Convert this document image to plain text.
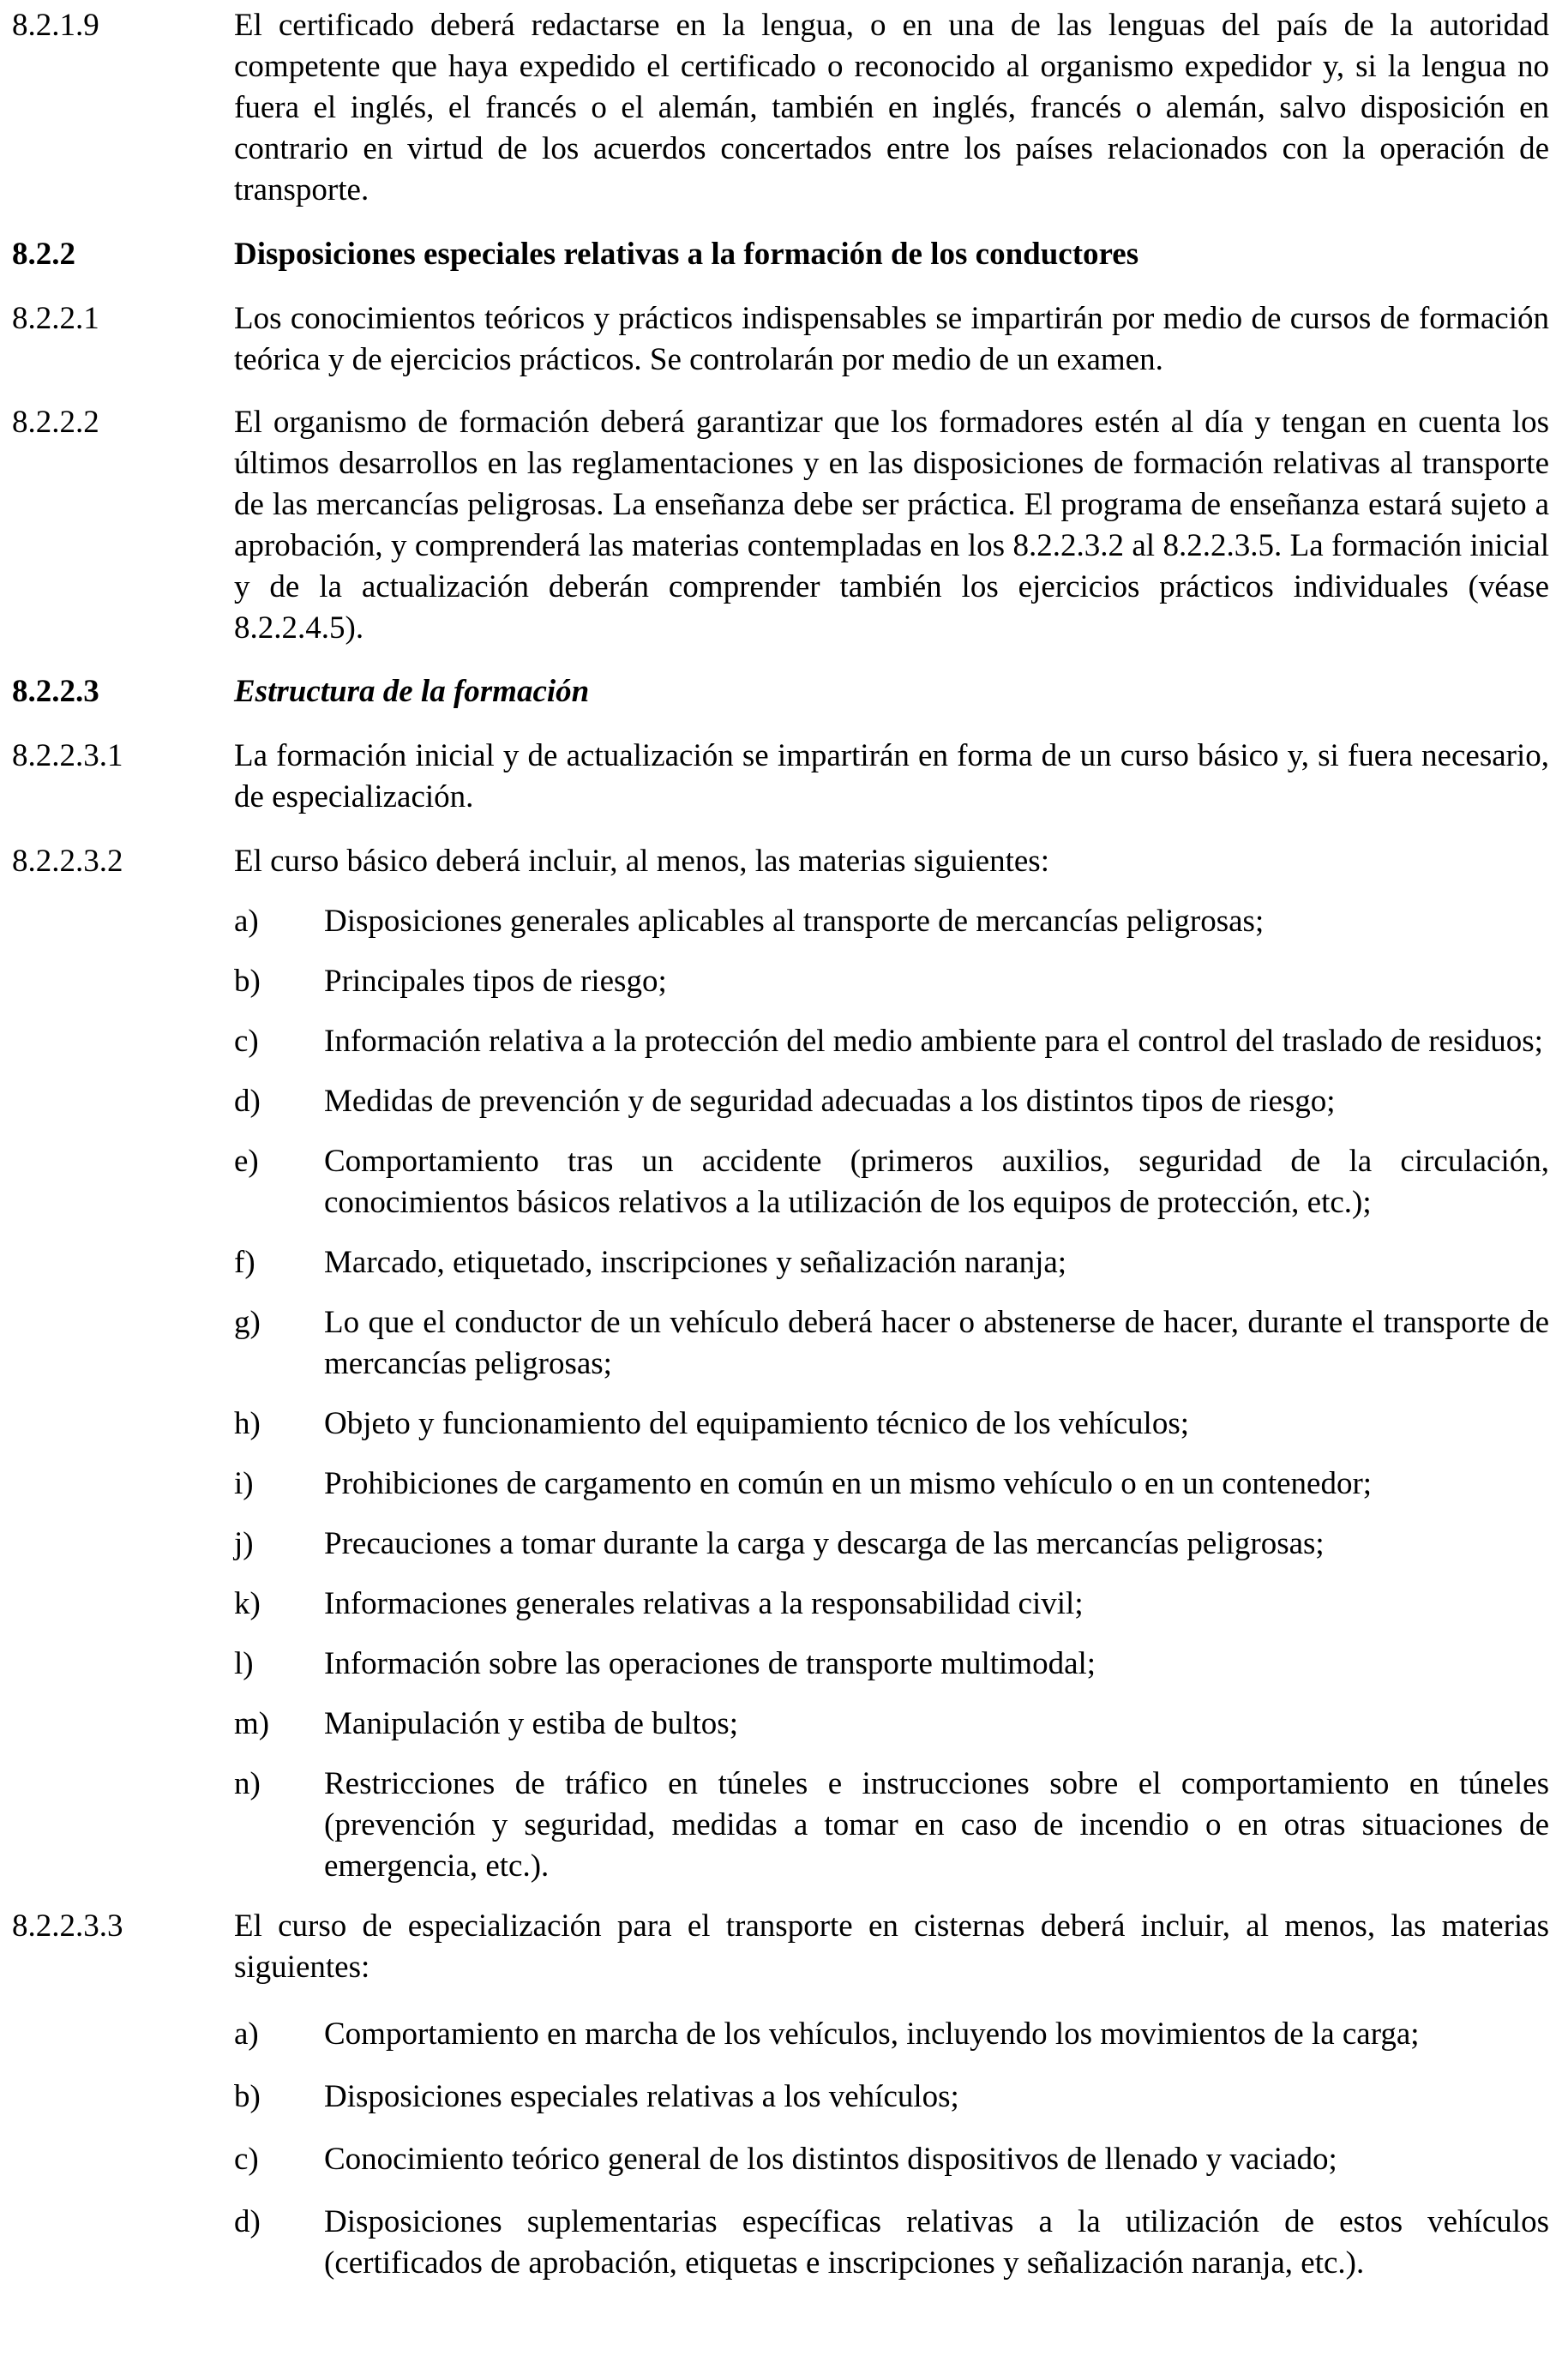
8.2.1.9	El certificado deberá redactarse en la lengua, o en una de las lenguas del país de la autoridad competente que haya expedido el certificado o reconocido al organismo expedidor y, si la lengua no fuera el inglés, el francés o el alemán, también en inglés, francés o alemán, salvo disposición en contrario en virtud de los acuerdos concertados entre los países relacionados con la operación de transporte.
8.2.2	Disposiciones especiales relativas a la formación de los conductores
8.2.2.1	Los conocimientos teóricos y prácticos indispensables se impartirán por medio de cursos de formación teórica y de ejercicios prácticos. Se controlarán por medio de un examen.
8.2.2.2	El organismo de formación deberá garantizar que los formadores estén al día y tengan en cuenta los últimos desarrollos en las reglamentaciones y en las disposiciones de formación relativas al transporte de las mercancías peligrosas. La enseñanza debe ser práctica. El programa de enseñanza estará sujeto a aprobación, y comprenderá las materias contempladas en los 8.2.2.3.2 al 8.2.2.3.5. La formación inicial y de la actualización deberán comprender también los ejercicios prácticos individuales (véase 8.2.2.4.5).
8.2.2.3	Estructura de la formación
8.2.2.3.1	La formación inicial y de actualización se impartirán en forma de un curso básico y, si fuera necesario, de especialización.
8.2.2.3.2	El curso básico deberá incluir, al menos, las materias siguientes:
a)	Disposiciones generales aplicables al transporte de mercancías peligrosas;
b)	Principales tipos de riesgo;
c)	Información relativa a la protección del medio ambiente para el control del traslado de residuos;
d)	Medidas de prevención y de seguridad adecuadas a los distintos tipos de riesgo;
e)	Comportamiento tras un accidente (primeros auxilios, seguridad de la circulación, conocimientos básicos relativos a la utilización de los equipos de protección, etc.);
f)	Marcado, etiquetado, inscripciones y señalización naranja;
g)	Lo que el conductor de un vehículo deberá hacer o abstenerse de hacer, durante el transporte de mercancías peligrosas;
h)	Objeto y funcionamiento del equipamiento técnico de los vehículos;
i)	Prohibiciones de cargamento en común en un mismo vehículo o en un contenedor;
j)	Precauciones a tomar durante la carga y descarga de las mercancías peligrosas;
k)	Informaciones generales relativas a la responsabilidad civil;
l)	Información sobre las operaciones de transporte multimodal;
m)	Manipulación y estiba de bultos;
n)	Restricciones de tráfico en túneles e instrucciones sobre el comportamiento en túneles (prevención y seguridad, medidas a tomar en caso de incendio o en otras situaciones de emergencia, etc.).
8.2.2.3.3	El curso de especialización para el transporte en cisternas deberá incluir, al menos, las materias siguientes:
a)	Comportamiento en marcha de los vehículos, incluyendo los movimientos de la carga;
b)	Disposiciones especiales relativas a los vehículos;
c)	Conocimiento teórico general de los distintos dispositivos de llenado y vaciado;
d)	Disposiciones suplementarias específicas relativas a la utilización de estos vehículos (certificados de aprobación, etiquetas e inscripciones y señalización naranja, etc.).
